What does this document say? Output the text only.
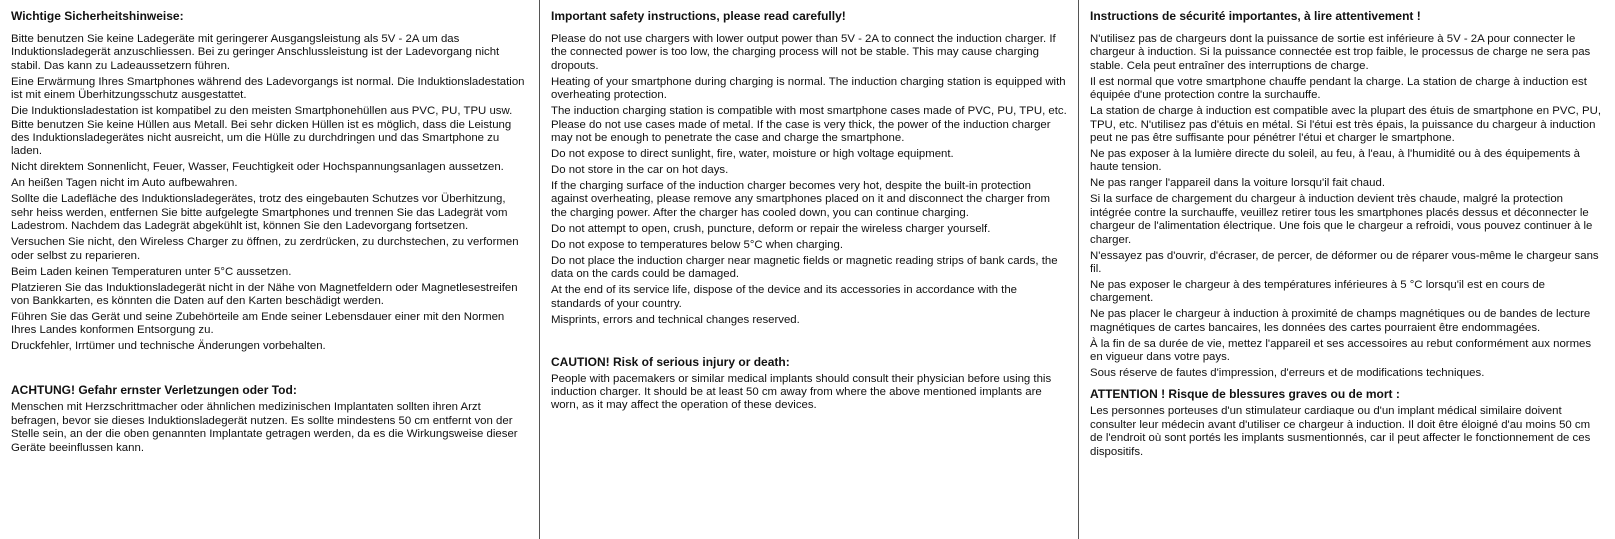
Wichtige Sicherheitshinweise:

Bitte benutzen Sie keine Ladegeräte mit geringerer Ausgangsleistung als 5V - 2A um das Induktionsladegerät anzuschliessen. Bei zu geringer Anschlussleistung ist der Ladevorgang nicht stabil. Das kann zu Ladeaussetzern führen.

Eine Erwärmung Ihres Smartphones während des Ladevorgangs ist normal. Die Induktionsladestation ist mit einem Überhitzungsschutz ausgestattet.

Die Induktionsladestation ist kompatibel zu den meisten Smartphonehüllen aus PVC, PU, TPU usw. Bitte benutzen Sie keine Hüllen aus Metall. Bei sehr dicken Hüllen ist es möglich, dass die Leistung des Induktionsladegerätes nicht ausreicht, um die Hülle zu durchdringen und das Smartphone zu laden.

Nicht direktem Sonnenlicht, Feuer, Wasser, Feuchtigkeit oder Hochspannungsanlagen aussetzen.

An heißen Tagen nicht im Auto aufbewahren.

Sollte die Ladefläche des Induktionsladegerätes, trotz des eingebauten Schutzes vor Überhitzung, sehr heiss werden, entfernen Sie bitte aufgelegte Smartphones und trennen Sie das Ladegrät vom Ladestrom. Nachdem das Ladegrät abgekühlt ist, können Sie den Ladevorgang fortsetzen.

Versuchen Sie nicht, den Wireless Charger zu öffnen, zu zerdrücken, zu durchstechen, zu verformen oder selbst zu reparieren.

Beim Laden keinen Temperaturen unter 5°C aussetzen.

Platzieren Sie das Induktionsladegerät nicht in der Nähe von Magnetfeldern oder Magnetlesestreifen von Bankkarten, es könnten die Daten auf den Karten beschädigt werden.

Führen Sie das Gerät und seine Zubehörteile am Ende seiner Lebensdauer einer mit den Normen Ihres Landes konformen Entsorgung zu.

Druckfehler, Irrtümer und technische Änderungen vorbehalten.

ACHTUNG! Gefahr ernster Verletzungen oder Tod:

Menschen mit Herzschrittmacher oder ähnlichen medizinischen Implantaten sollten ihren Arzt befragen, bevor sie dieses Induktionsladegerät nutzen. Es sollte mindestens 50 cm entfernt von der Stelle sein, an der die oben genannten Implantate getragen werden, da es die Wirkungsweise dieser Geräte beeinflussen kann.

Important safety instructions, please read carefully!

Please do not use chargers with lower output power than 5V - 2A to connect the induction charger. If the connected power is too low, the charging process will not be stable. This may cause charging dropouts.

Heating of your smartphone during charging is normal. The induction charging station is equipped with overheating protection.

The induction charging station is compatible with most smartphone cases made of PVC, PU, TPU, etc. Please do not use cases made of metal. If the case is very thick, the power of the induction charger may not be enough to penetrate the case and charge the smartphone.

Do not expose to direct sunlight, fire, water, moisture or high voltage equipment.

Do not store in the car on hot days.

If the charging surface of the induction charger becomes very hot, despite the built-in protection against overheating, please remove any smartphones placed on it and disconnect the charger from the charging power. After the charger has cooled down, you can continue charging.

Do not attempt to open, crush, puncture, deform or repair the wireless charger yourself.

Do not expose to temperatures below 5°C when charging.

Do not place the induction charger near magnetic fields or magnetic reading strips of bank cards, the data on the cards could be damaged.

At the end of its service life, dispose of the device and its accessories in accordance with the standards of your country.

Misprints, errors and technical changes reserved.

CAUTION! Risk of serious injury or death:

People with pacemakers or similar medical implants should consult their physician before using this induction charger. It should be at least 50 cm away from where the above mentioned implants are worn, as it may affect the operation of these devices.

Instructions de sécurité importantes, à lire attentivement !

N'utilisez pas de chargeurs dont la puissance de sortie est inférieure à 5V - 2A pour connecter le chargeur à induction. Si la puissance connectée est trop faible, le processus de charge ne sera pas stable. Cela peut entraîner des interruptions de charge.

Il est normal que votre smartphone chauffe pendant la charge. La station de charge à induction est équipée d'une protection contre la surchauffe.

La station de charge à induction est compatible avec la plupart des étuis de smartphone en PVC, PU, TPU, etc. N'utilisez pas d'étuis en métal. Si l'étui est très épais, la puissance du chargeur à induction peut ne pas être suffisante pour pénétrer l'étui et charger le smartphone.

Ne pas exposer à la lumière directe du soleil, au feu, à l'eau, à l'humidité ou à des équipements à haute tension.

Ne pas ranger l'appareil dans la voiture lorsqu'il fait chaud.

Si la surface de chargement du chargeur à induction devient très chaude, malgré la protection intégrée contre la surchauffe, veuillez retirer tous les smartphones placés dessus et déconnecter le chargeur de l'alimentation électrique. Une fois que le chargeur a refroidi, vous pouvez continuer à le charger.

N'essayez pas d'ouvrir, d'écraser, de percer, de déformer ou de réparer vous-même le chargeur sans fil.

Ne pas exposer le chargeur à des températures inférieures à 5 °C lorsqu'il est en cours de chargement.

Ne pas placer le chargeur à induction à proximité de champs magnétiques ou de bandes de lecture magnétiques de cartes bancaires, les données des cartes pourraient être endommagées.

À la fin de sa durée de vie, mettez l'appareil et ses accessoires au rebut conformément aux normes en vigueur dans votre pays.

Sous réserve de fautes d'impression, d'erreurs et de modifications techniques.

ATTENTION ! Risque de blessures graves ou de mort :

Les personnes porteuses d'un stimulateur cardiaque ou d'un implant médical similaire doivent consulter leur médecin avant d'utiliser ce chargeur à induction. Il doit être éloigné d'au moins 50 cm de l'endroit où sont portés les implants susmentionnés, car il peut affecter le fonctionnement de ces dispositifs.
